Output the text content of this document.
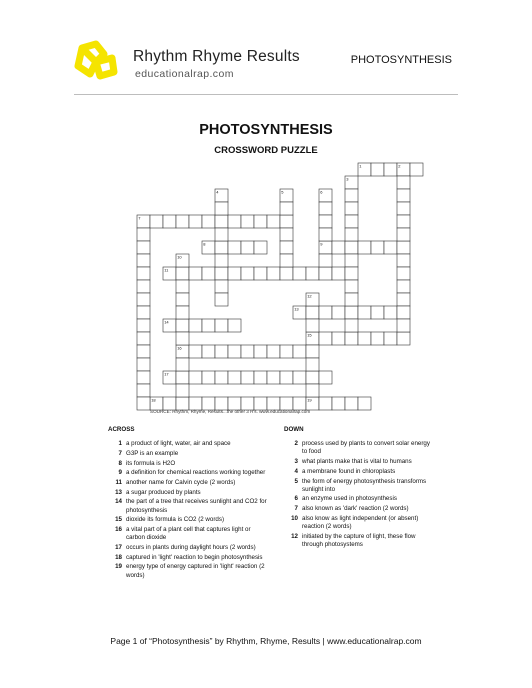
Rhythm Rhyme Results
educationalrap.com
PHOTOSYNTHESIS
PHOTOSYNTHESIS
CROSSWORD PUZZLE
1
7
8	9
11
13
14
15
16
17
18	19
2
3
4	5	6
10
12
SOURCE: Rhythm, Rhyme, Results...the other 3 R's. www.educationalrap.com
ACROSS
1 a product of light, water, air and space
7 G3P is an example
8 its formula is H2O
9 a definition for chemical reactions working together
11 another name for Calvin cycle (2 words)
13 a sugar produced by plants
14 the part of a tree that receives sunlight and CO2 for photosynthesis
15 dioxide its formula is CO2 (2 words)
16 a vital part of a plant cell that captures light or carbon dioxide
17 occurs in plants during daylight hours (2 words)
18 captured in 'light' reaction to begin photosynthesis
19 energy type of energy captured in 'light' reaction (2 words)
DOWN
2 process used by plants to convert solar energy to food
3 what plants make that is vital to humans
4 a membrane found in chloroplasts
5 the form of energy photosynthesis transforms sunlight into
6 an enzyme used in photosynthesis
7 also known as 'dark' reaction (2 words)
10 also know as light independent (or absent) reaction (2 words)
12 initiated by the capture of light, these flow through photosystems
Page 1 of “Photosynthesis” by Rhythm, Rhyme, Results | www.educationalrap.com
